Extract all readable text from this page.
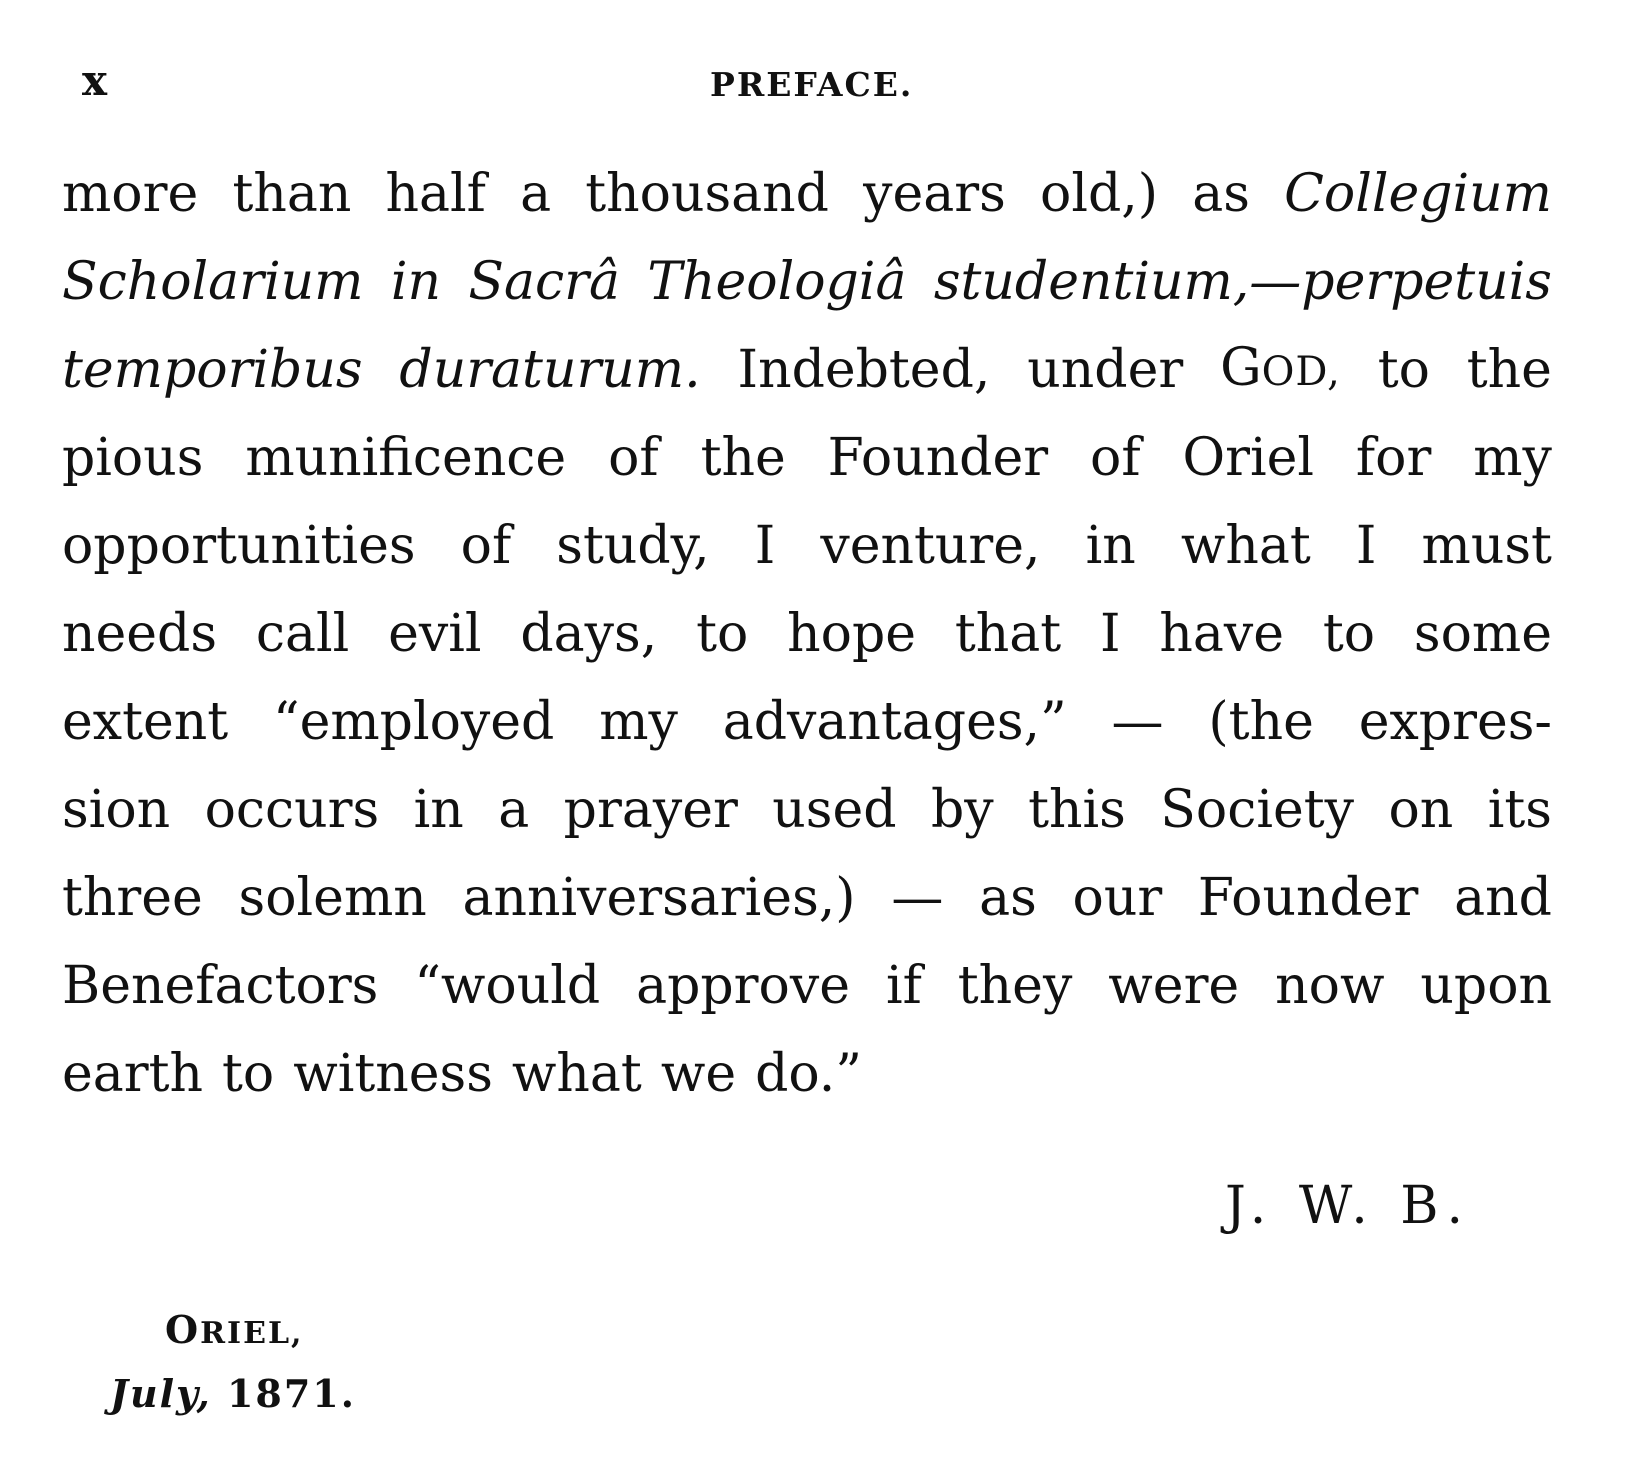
x	PREFACE.
more than half a thousand years old,) as Collegium
Scholarium in Sacrâ Theologiâ studentium,—perpetuis
temporibus duraturum. Indebted, under GOD, to the
pious munificence of the Founder of Oriel for my
opportunities of study, I venture, in what I must
needs call evil days, to hope that I have to some
extent “employed my advantages,” — (the expres-
sion occurs in a prayer used by this Society on its
three solemn anniversaries,) — as our Founder and
Benefactors “would approve if they were now upon
earth to witness what we do.”
J. W. B.
ORIEL,
July, 1871.
